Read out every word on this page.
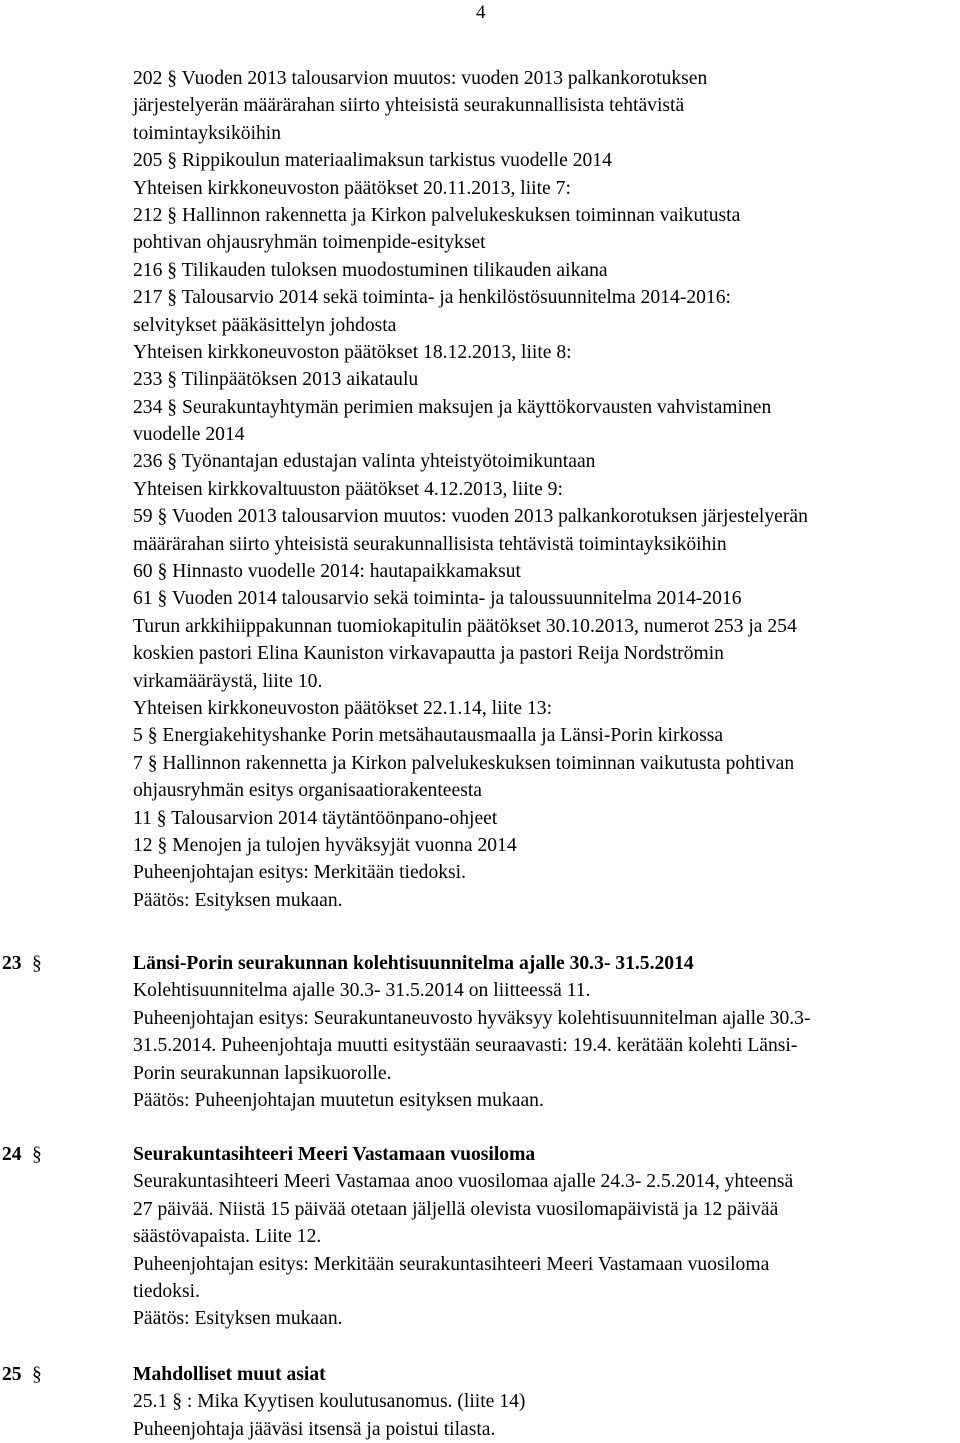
4
202 § Vuoden 2013 talousarvion muutos: vuoden 2013 palkankorotuksen
järjestelyerän määrärahan siirto yhteisistä seurakunnallisista tehtävistä
toimintayksiköihin
205 § Rippikoulun materiaalimaksun tarkistus vuodelle 2014
Yhteisen kirkkoneuvoston päätökset 20.11.2013, liite 7:
212 § Hallinnon rakennetta ja Kirkon palvelukeskuksen toiminnan vaikutusta
pohtivan ohjausryhmän toimenpide-esitykset
216 § Tilikauden tuloksen muodostuminen tilikauden aikana
217 § Talousarvio 2014 sekä toiminta- ja henkilöstösuunnitelma 2014-2016:
selvitykset pääkäsittelyn johdosta
Yhteisen kirkkoneuvoston päätökset 18.12.2013, liite 8:
233 § Tilinpäätöksen 2013 aikataulu
234 § Seurakuntayhtymän perimien maksujen ja käyttökorvausten vahvistaminen
vuodelle 2014
236 § Työnantajan edustajan valinta yhteistyötoimikuntaan
Yhteisen kirkkovaltuuston päätökset 4.12.2013, liite 9:
59 § Vuoden 2013 talousarvion muutos: vuoden 2013 palkankorotuksen järjestelyerän
määrärahan siirto yhteisistä seurakunnallisista tehtävistä toimintayksiköihin
60 § Hinnasto vuodelle 2014: hautapaikkamaksut
61 § Vuoden 2014 talousarvio sekä toiminta- ja taloussuunnitelma 2014-2016
Turun arkkihiippakunnan tuomiokapitulin päätökset 30.10.2013, numerot 253 ja 254
koskien pastori Elina Kauniston virkavapautta ja pastori Reija Nordströmin
virkamääräystä, liite 10.
Yhteisen kirkkoneuvoston päätökset 22.1.14, liite 13:
5 § Energiakehityshanke Porin metsähautausmaalla ja Länsi-Porin kirkossa
7 § Hallinnon rakennetta ja Kirkon palvelukeskuksen toiminnan vaikutusta pohtivan
ohjausryhmän esitys organisaatiorakenteesta
11 § Talousarvion 2014 täytäntöönpano-ohjeet
12 § Menojen ja tulojen hyväksyjät vuonna 2014
Puheenjohtajan esitys: Merkitään tiedoksi.
Päätös: Esityksen mukaan.
23 §	Länsi-Porin seurakunnan kolehtisuunnitelma ajalle 30.3- 31.5.2014
Kolehtisuunnitelma ajalle 30.3- 31.5.2014 on liitteessä 11.
Puheenjohtajan esitys: Seurakuntaneuvosto hyväksyy kolehtisuunnitelman ajalle 30.3-
31.5.2014. Puheenjohtaja muutti esitystään seuraavasti: 19.4. kerätään kolehti Länsi-
Porin seurakunnan lapsikuorolle.
Päätös: Puheenjohtajan muutetun esityksen mukaan.
24 §	Seurakuntasihteeri Meeri Vastamaan vuosiloma
Seurakuntasihteeri Meeri Vastamaa anoo vuosilomaa ajalle 24.3- 2.5.2014, yhteensä
27 päivää. Niistä 15 päivää otetaan jäljellä olevista vuosilomapäivistä ja 12 päivää
säästövapaista. Liite 12.
Puheenjohtajan esitys: Merkitään seurakuntasihteeri Meeri Vastamaan vuosiloma
tiedoksi.
Päätös: Esityksen mukaan.
25 §	Mahdolliset muut asiat
25.1 § : Mika Kyytisen koulutusanomus. (liite 14)
Puheenjohtaja jääväsi itsensä ja poistui tilasta.
